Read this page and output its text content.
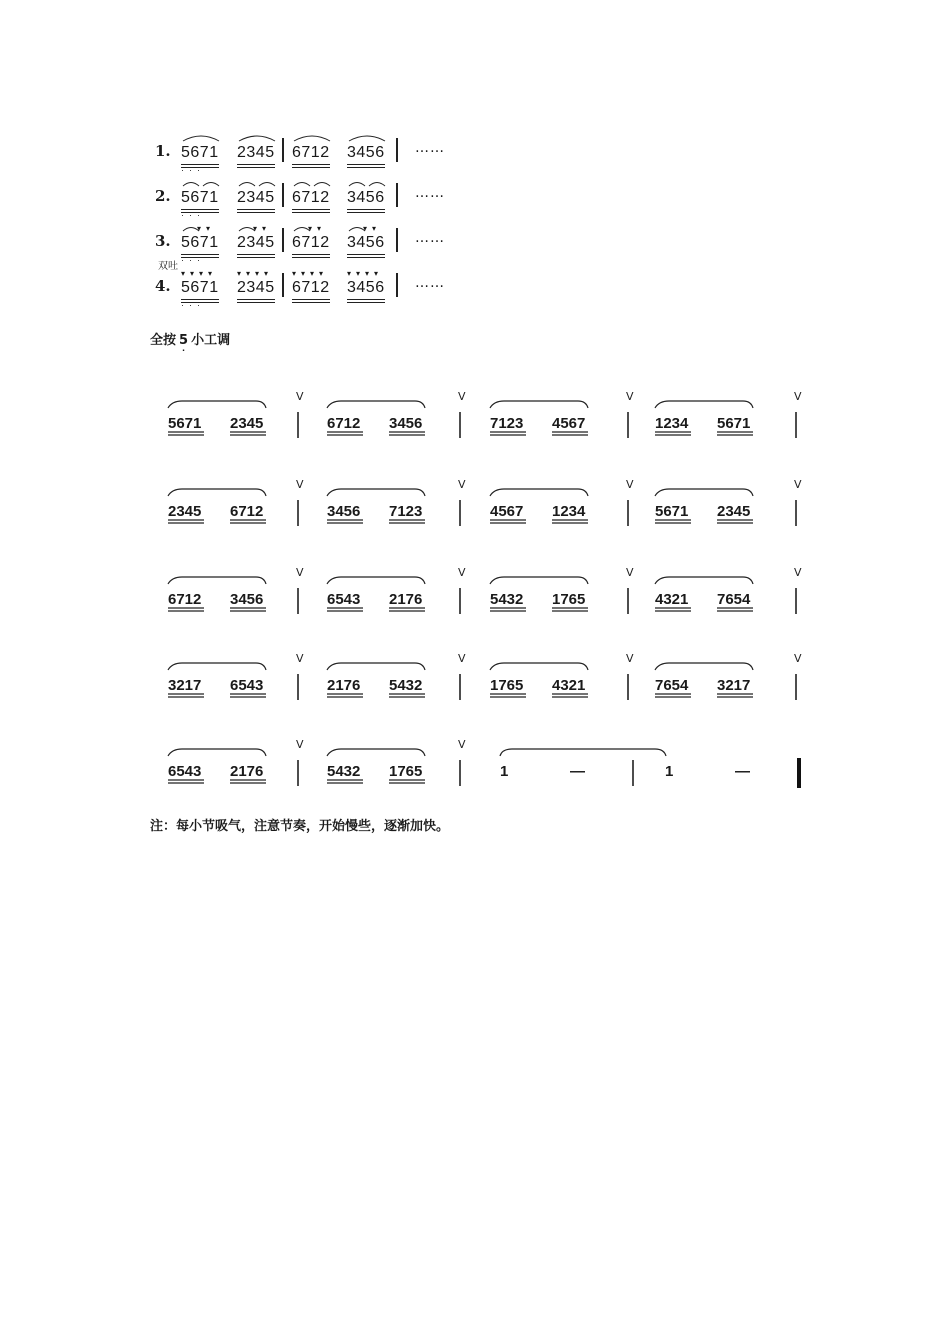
1. 5671
···
2345 6712 3456 ……
2. 5671
···
2345 6712 3456 ……
3.
▾▾
5671
···
▾▾
2345
▾▾
6712
▾▾
3456 ……
双吐
4.
▾▾▾▾
5671
···
▾▾▾▾
2345
▾▾▾▾
6712
▾▾▾▾
3456 ……
全按 5
·
小工调
5671 2345
V
6712 3456
V
7123 4567
V
1234 5671
V
2345 6712
V
3456 7123
V
4567 1234
V
5671 2345
V
6712 3456
V
6543 2176
V
5432 1765
V
4321 7654
V
3217 6543
V
2176 5432
V
1765 4321
V
7654 3217
V
6543 2176
V
5432 1765
V
1	—	1	—
注：每小节吸气，注意节奏，开始慢些，逐渐加快。
